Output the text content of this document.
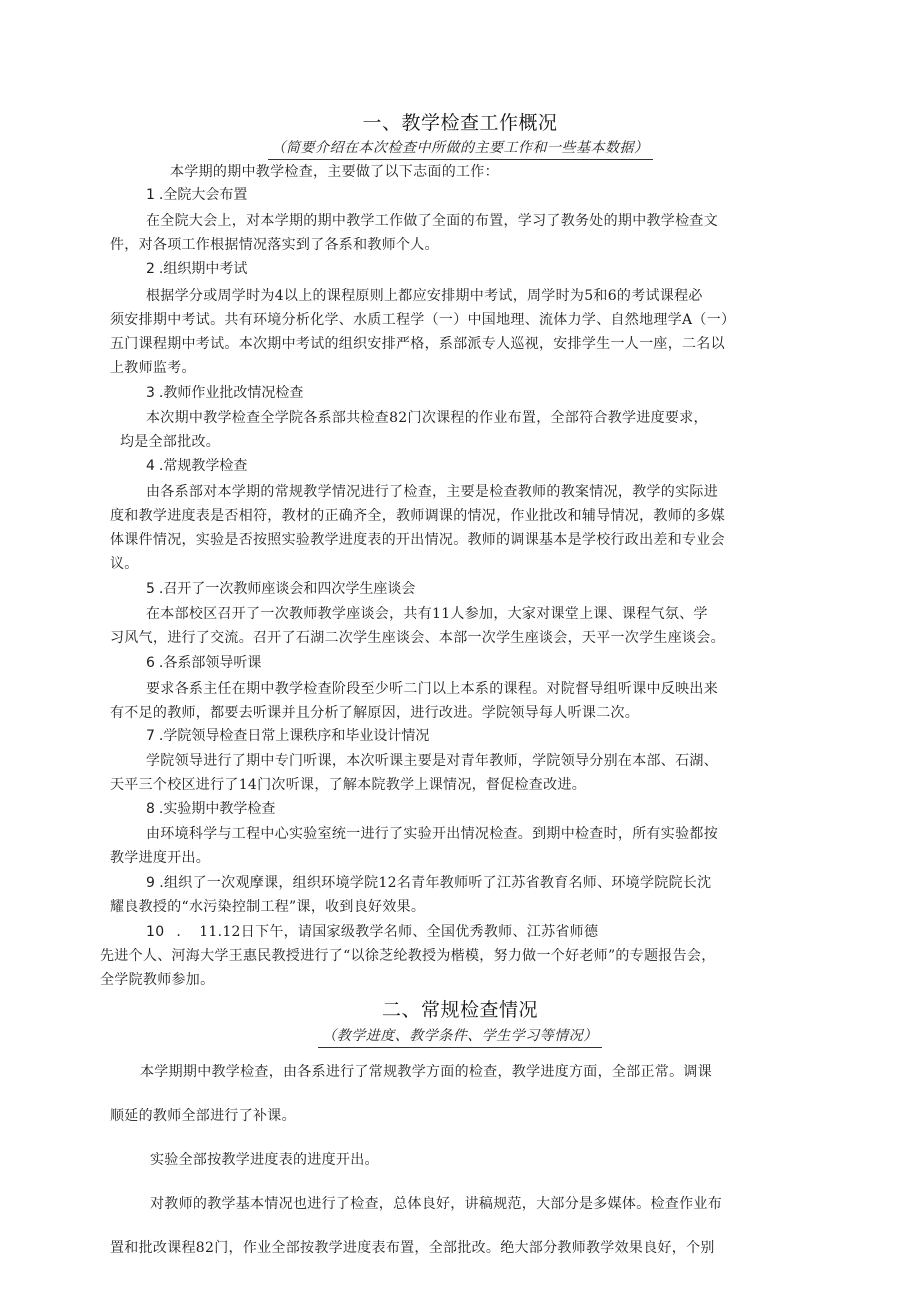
一、教学检查工作概况
（简要介绍在本次检查中所做的主要工作和一些基本数据）
本学期的期中教学检查，主要做了以下志面的工作：
1 .全院大会布置
在全院大会上，对本学期的期中教学工作做了全面的布置，学习了教务处的期中教学检查文
件，对各项工作根据情况落实到了各系和教师个人。
2 .组织期中考试
根据学分或周学时为4以上的课程原则上都应安排期中考试，周学时为5和6的考试课程必
须安排期中考试。共有环境分析化学、水质工程学（一）中国地理、流体力学、自然地理学A（一）
五门课程期中考试。本次期中考试的组织安排严格，系部派专人巡视，安排学生一人一座，二名以
上教师监考。
3 .教师作业批改情况检查
本次期中教学检查全学院各系部共检查82门次课程的作业布置，全部符合教学进度要求，
均是全部批改。
4 .常规教学检查
由各系部对本学期的常规教学情况进行了检查，主要是检查教师的教案情况，教学的实际进
度和教学进度表是否相符，教材的正确齐全，教师调课的情况，作业批改和辅导情况，教师的多媒
体课件情况，实验是否按照实验教学进度表的开出情况。教师的调课基本是学校行政出差和专业会
议。
5 .召开了一次教师座谈会和四次学生座谈会
在本部校区召开了一次教师教学座谈会，共有11人参加，大家对课堂上课、课程气氛、学
习风气，进行了交流。召开了石湖二次学生座谈会、本部一次学生座谈会，天平一次学生座谈会。
6 .各系部领导听课
要求各系主任在期中教学检查阶段至少听二门以上本系的课程。对院督导组听课中反映出来
有不足的教师，都要去听课并且分析了解原因，进行改进。学院领导每人听课二次。
7 .学院领导检查日常上课秩序和毕业设计情况
学院领导进行了期中专门听课，本次听课主要是对青年教师，学院领导分别在本部、石湖、
天平三个校区进行了14门次听课，了解本院教学上课情况，督促检查改进。
8 .实验期中教学检查
由环境科学与工程中心实验室统一进行了实验开出情况检查。到期中检查时，所有实验都按
教学进度开出。
9 .组织了一次观摩课，组织环境学院12名青年教师听了江苏省教育名师、环境学院院长沈
耀良教授的“水污染控制工程”课，收到良好效果。
10 . 11.12日下午，请国家级教学名师、全国优秀教师、江苏省师德
先进个人、河海大学王惠民教授进行了“以徐芝纶教授为楷模，努力做一个好老师”的专题报告会，
全学院教师参加。
二、常规检查情况
（教学进度、教学条件、学生学习等情况）
本学期期中教学检查，由各系进行了常规教学方面的检查，教学进度方面，全部正常。调课
顺延的教师全部进行了补课。
实验全部按教学进度表的进度开出。
对教师的教学基本情况也进行了检查，总体良好，讲稿规范，大部分是多媒体。检查作业布
置和批改课程82门，作业全部按教学进度表布置，全部批改。绝大部分教师教学效果良好，个别
